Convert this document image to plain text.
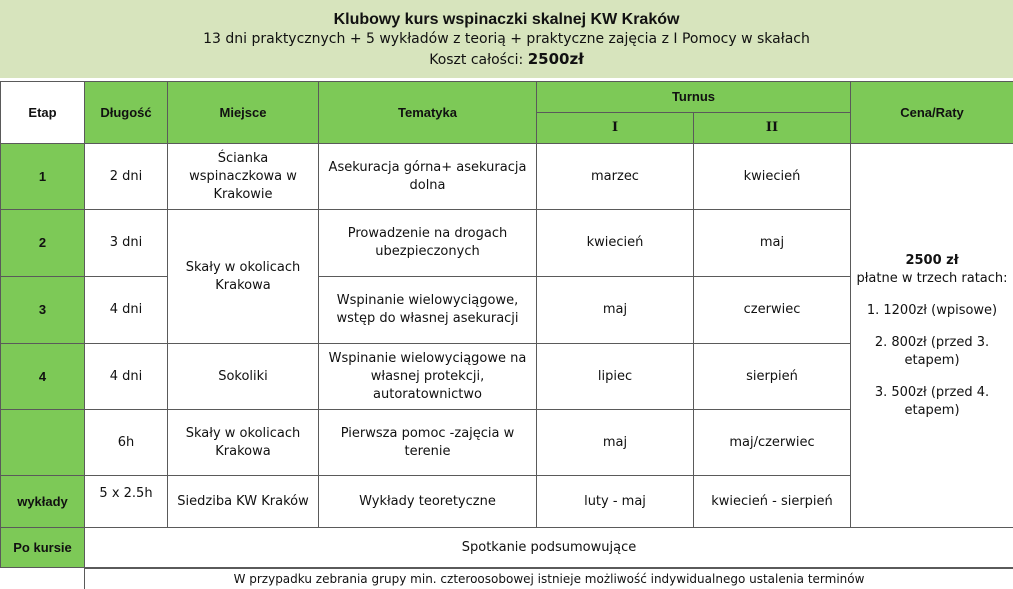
Klubowy kurs wspinaczki skalnej KW Kraków
13 dni praktycznych + 5 wykładów z teorią + praktyczne zajęcia z I Pomocy w skałach
Koszt całości: 2500zł
Etap	Długość	Miejsce	Tematyka	Turnus		Cena/Raty
				I	II	
1	2 dni	Ścianka wspinaczkowa w Krakowie	Asekuracja górna+ asekuracja dolna	marzec	kwiecień	2500 zł

płatne w trzech ratach:

1. 1200zł (wpisowe)

2. 800zł (przed 3. etapem)

3. 500zł (przed 4. etapem)

2	3 dni	Skały w okolicach Krakowa	Prowadzenie na drogach ubezpieczonych	kwiecień	maj	
3	4 dni		Wspinanie wielowyciągowe, wstęp do własnej asekuracji	maj	czerwiec	
4	4 dni	Sokoliki	Wspinanie wielowyciągowe na własnej protekcji, autoratownictwo	lipiec	sierpień	
	6h	Skały w okolicach Krakowa	Pierwsza pomoc -zajęcia w terenie	maj	maj/czerwiec	
wykłady	5 x 2.5h	Siedziba KW Kraków	Wykłady teoretyczne	luty - maj	kwiecień - sierpień	
Po kursie	Spotkanie podsumowujące					
W przypadku zebrania grupy min. czteroosobowej istnieje możliwość indywidualnego ustalenia terminów
